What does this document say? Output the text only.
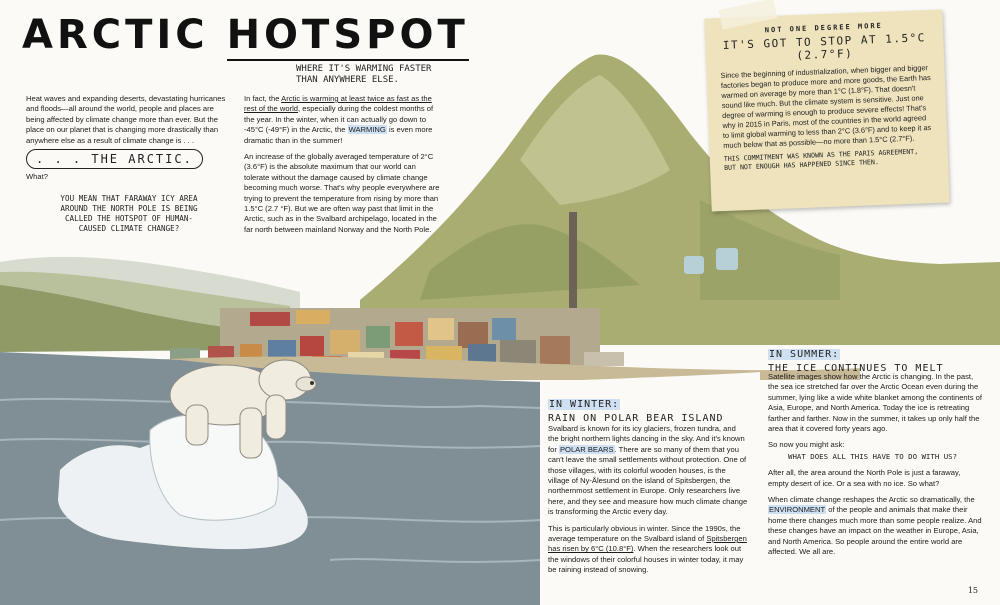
ARCTIC HOTSPOT
WHERE IT'S WARMING FASTER THAN ANYWHERE ELSE.

Heat waves and expanding deserts, devastating hurricanes and floods—all around the world, people and places are being affected by climate change more than ever. But the place on our planet that is changing more drastically than anywhere else as a result of climate change is . . .

. . . THE ARCTIC.
What?
YOU MEAN THAT FARAWAY ICY AREA AROUND THE NORTH POLE IS BEING CALLED THE HOTSPOT OF HUMAN-CAUSED CLIMATE CHANGE?

In fact, the Arctic is warming at least twice as fast as the rest of the world, especially during the coldest months of the year. In the winter, when it can actually go down to -45°C (-49°F) in the Arctic, the WARMING is even more dramatic than in the summer!

An increase of the globally averaged temperature of 2°C (3.6°F) is the absolute maximum that our world can tolerate without the damage caused by climate change becoming much worse. That's why people everywhere are trying to prevent the temperature from rising by more than 1.5°C (2.7 °F). But we are often way past that limit in the Arctic, such as in the Svalbard archipelago, located in the far north between mainland Norway and the North Pole.

NOT ONE DEGREE MORE
IT'S GOT TO STOP AT 1.5°C (2.7°F)
Since the beginning of industrialization, when bigger and bigger factories began to produce more and more goods, the Earth has warmed on average by more than 1°C (1.8°F). That doesn't sound like much. But the climate system is sensitive. Just one degree of warming is enough to produce severe effects! That's why in 2015 in Paris, most of the countries in the world agreed to limit global warming to less than 2°C (3.6°F) and to keep it as much below that as possible—no more than 1.5°C (2.7°F).
THIS COMMITMENT WAS KNOWN AS THE PARIS AGREEMENT, BUT NOT ENOUGH HAS HAPPENED SINCE THEN.
IN WINTER:
RAIN ON POLAR BEAR ISLAND

Svalbard is known for its icy glaciers, frozen tundra, and the bright northern lights dancing in the sky. And it's known for POLAR BEARS. There are so many of them that you can't leave the small settlements without protection. One of those villages, with its colorful wooden houses, is the village of Ny-Ålesund on the island of Spitsbergen, the northernmost settlement in Europe. Only researchers live here, and they see and measure how much climate change is transforming the Arctic every day.

This is particularly obvious in winter. Since the 1990s, the average temperature on the Svalbard island of Spitsbergen has risen by 6°C (10.8°F). When the researchers look out the windows of their colorful houses in winter today, it may be raining instead of snowing.

IN SUMMER:
THE ICE CONTINUES TO MELT

Satellite images show how the Arctic is changing. In the past, the sea ice stretched far over the Arctic Ocean even during the summer, lying like a wide white blanket among the continents of Asia, Europe, and North America. Today the ice is retreating farther and farther. Now in the summer, it takes up only half the area that it covered forty years ago.

So now you might ask:

WHAT DOES ALL THIS HAVE TO DO WITH US?

After all, the area around the North Pole is just a faraway, empty desert of ice. Or a sea with no ice. So what?

When climate change reshapes the Arctic so dramatically, the ENVIRONMENT of the people and animals that make their home there changes much more than some people realize. And these changes have an impact on the weather in Europe, Asia, and North America. So people around the entire world are affected. We all are.

15
